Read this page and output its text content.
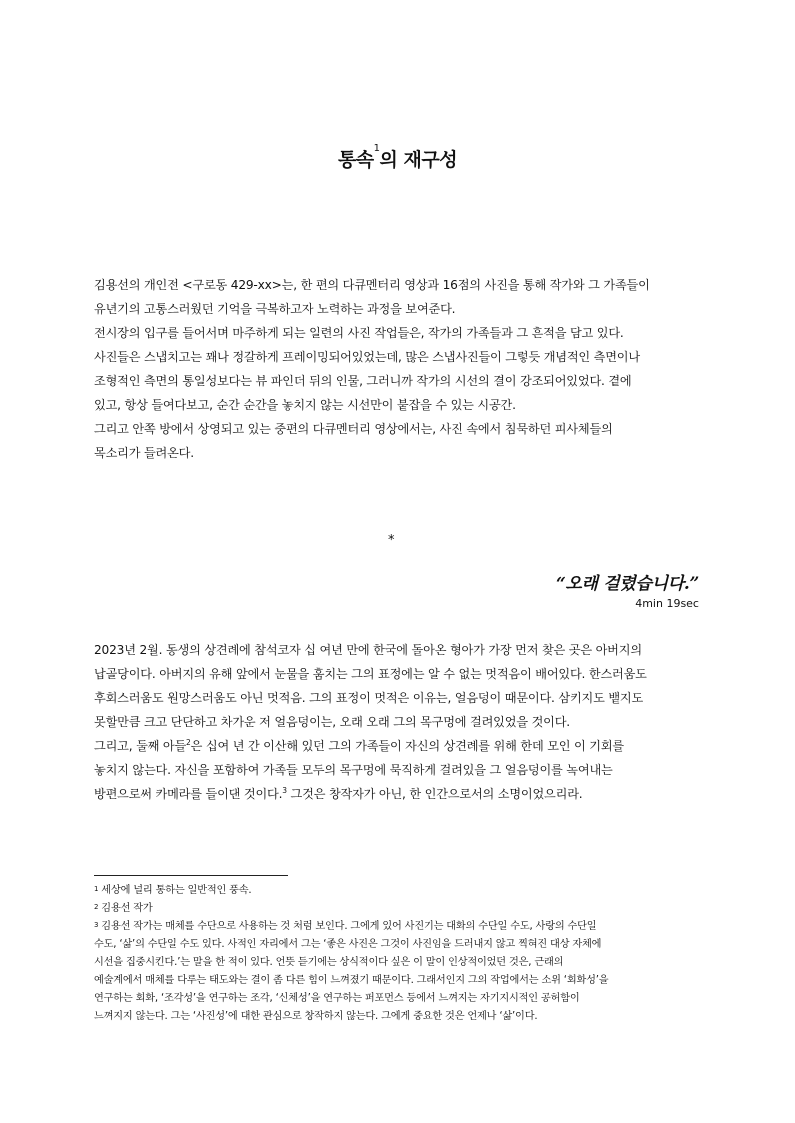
통속$^1$의 재구성
김용선의 개인전 <구로동 429-xx>는, 한 편의 다큐멘터리 영상과 16점의 사진을 통해 작가와 그 가족들이
유년기의 고통스러웠던 기억을 극복하고자 노력하는 과정을 보여준다.
전시장의 입구를 들어서며 마주하게 되는 일련의 사진 작업들은, 작가의 가족들과 그 흔적을 담고 있다.
사진들은 스냅치고는 꽤나 정갈하게 프레이밍되어있었는데, 많은 스냅사진들이 그렇듯 개념적인 측면이나
조형적인 측면의 통일성보다는 뷰 파인더 뒤의 인물, 그러니까 작가의 시선의 결이 강조되어있었다. 곁에
있고, 항상 들여다보고, 순간 순간을 놓치지 않는 시선만이 붙잡을 수 있는 시공간.
그리고 안쪽 방에서 상영되고 있는 중편의 다큐멘터리 영상에서는, 사진 속에서 침묵하던 피사체들의
목소리가 들려온다.
*
“오래 걸렸습니다.”
4min 19sec
2023년 2월. 동생의 상견례에 참석코자 십 여년 만에 한국에 돌아온 형아가 가장 먼저 찾은 곳은 아버지의
납골당이다. 아버지의 유해 앞에서 눈물을 훔치는 그의 표정에는 알 수 없는 멋적음이 배어있다. 한스러움도
후회스러움도 원망스러움도 아닌 멋적음. 그의 표정이 멋적은 이유는, 얼음덩이 때문이다. 삼키지도 뱉지도
못할만큼 크고 단단하고 차가운 저 얼음덩이는, 오래 오래 그의 목구멍에 걸려있었을 것이다.
그리고, 둘째 아들$^2$은 십여 년 간 이산해 있던 그의 가족들이 자신의 상견례를 위해 한데 모인 이 기회를
놓치지 않는다. 자신을 포함하여 가족들 모두의 목구멍에 묵직하게 걸려있을 그 얼음덩이를 녹여내는
방편으로써 카메라를 들이댄 것이다.$^3$ 그것은 창작자가 아닌, 한 인간으로서의 소명이었으리라.
$^1$ 세상에 널리 통하는 일반적인 풍속.
$^2$ 김용선 작가
$^3$ 김용선 작가는 매체를 수단으로 사용하는 것 처럼 보인다. 그에게 있어 사진기는 대화의 수단일 수도, 사랑의 수단일
수도, ‘삶’의 수단일 수도 있다. 사적인 자리에서 그는 ‘좋은 사진은 그것이 사진임을 드러내지 않고 찍혀진 대상 자체에
시선을 집중시킨다.’는 말을 한 적이 있다. 언뜻 듣기에는 상식적이다 싶은 이 말이 인상적이었던 것은, 근래의
예술계에서 매체를 다루는 태도와는 결이 좀 다른 힘이 느껴졌기 때문이다. 그래서인지 그의 작업에서는 소위 ‘회화성’을
연구하는 회화, ‘조각성’을 연구하는 조각, ‘신체성’을 연구하는 퍼포먼스 등에서 느껴지는 자기지시적인 공허함이
느껴지지 않는다. 그는 ‘사진성’에 대한 관심으로 창작하지 않는다. 그에게 중요한 것은 언제나 ‘삶’이다.
